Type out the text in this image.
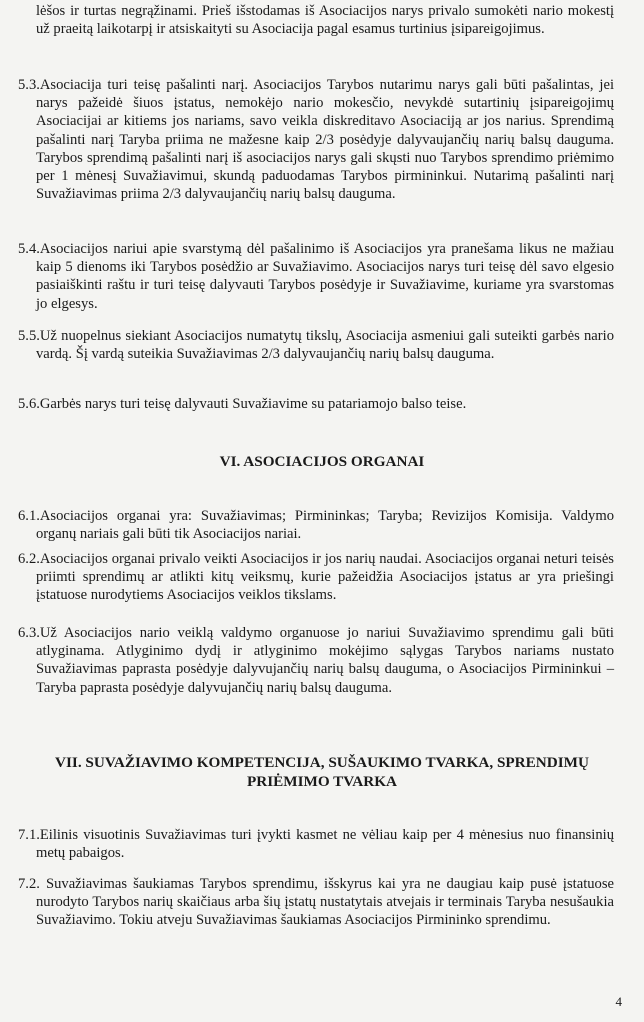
lėšos ir turtas negrąžinami. Prieš išstodamas iš Asociacijos narys privalo sumokėti nario mokestį už praeitą laikotarpį ir atsiskaityti su Asociacija pagal esamus turtinius įsipareigojimus.

5.3.Asociacija turi teisę pašalinti narį. Asociacijos Tarybos nutarimu narys gali būti pašalintas, jei narys pažeidė šiuos įstatus, nemokėjo nario mokesčio, nevykdė sutartinių įsipareigojimų Asociacijai ar kitiems jos nariams, savo veikla diskreditavo Asociaciją ar jos narius. Sprendimą pašalinti narį Taryba priima ne mažesne kaip 2/3 posėdyje dalyvaujančių narių balsų dauguma. Tarybos sprendimą pašalinti narį iš asociacijos narys gali skųsti nuo Tarybos sprendimo priėmimo per 1 mėnesį Suvažiavimui, skundą paduodamas Tarybos pirmininkui. Nutarimą pašalinti narį Suvažiavimas priima 2/3 dalyvaujančių narių balsų dauguma.

5.4.Asociacijos nariui apie svarstymą dėl pašalinimo iš Asociacijos yra pranešama likus ne mažiau kaip 5 dienoms iki Tarybos posėdžio ar Suvažiavimo. Asociacijos narys turi teisę dėl savo elgesio pasiaiškinti raštu ir turi teisę dalyvauti Tarybos posėdyje ir Suvažiavime, kuriame yra svarstomas jo elgesys.

5.5.Už nuopelnus siekiant Asociacijos numatytų tikslų, Asociacija asmeniui gali suteikti garbės nario vardą. Šį vardą suteikia Suvažiavimas 2/3 dalyvaujančių narių balsų dauguma.

5.6.Garbės narys turi teisę dalyvauti Suvažiavime su patariamojo balso teise.

VI. ASOCIACIJOS ORGANAI

6.1.Asociacijos organai yra: Suvažiavimas; Pirmininkas; Taryba; Revizijos Komisija. Valdymo organų nariais gali būti tik Asociacijos nariai.

6.2.Asociacijos organai privalo veikti Asociacijos ir jos narių naudai. Asociacijos organai neturi teisės priimti sprendimų ar atlikti kitų veiksmų, kurie pažeidžia Asociacijos įstatus ar yra priešingi įstatuose nurodytiems Asociacijos veiklos tikslams.

6.3.Už Asociacijos nario veiklą valdymo organuose jo nariui Suvažiavimo sprendimu gali būti atlyginama. Atlyginimo dydį ir atlyginimo mokėjimo sąlygas Tarybos nariams nustato Suvažiavimas paprasta posėdyje dalyvujančių narių balsų dauguma, o Asociacijos Pirmininkui – Taryba paprasta posėdyje dalyvujančių narių balsų dauguma.

VII. SUVAŽIAVIMO KOMPETENCIJA, SUŠAUKIMO TVARKA, SPRENDIMŲ
PRIĖMIMO TVARKA

7.1.Eilinis visuotinis Suvažiavimas turi įvykti kasmet ne vėliau kaip per 4 mėnesius nuo finansinių metų pabaigos.

7.2. Suvažiavimas šaukiamas Tarybos sprendimu, išskyrus kai yra ne daugiau kaip pusė įstatuose nurodyto Tarybos narių skaičiaus arba šių įstatų nustatytais atvejais ir terminais Taryba nesušaukia Suvažiavimo. Tokiu atveju Suvažiavimas šaukiamas Asociacijos Pirmininko sprendimu.

4
